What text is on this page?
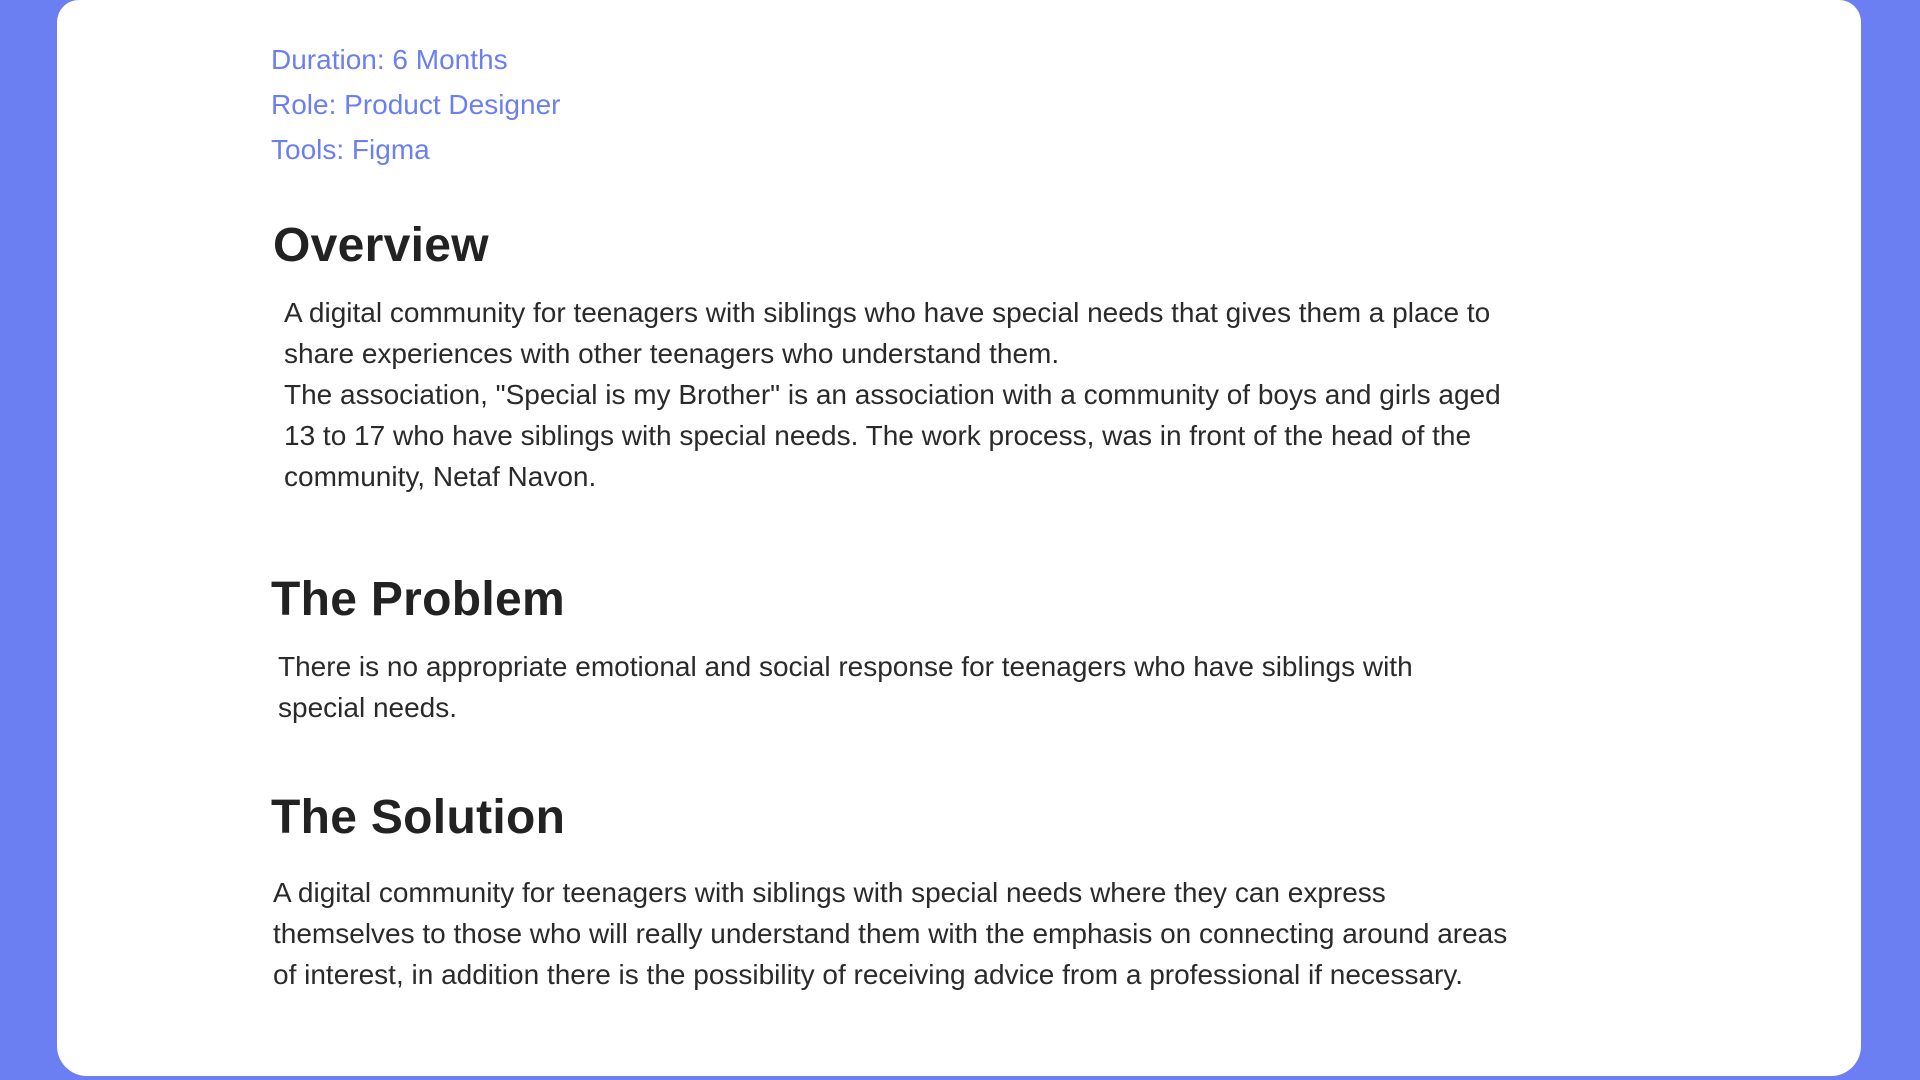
Duration: 6 Months
Role: Product Designer
Tools: Figma
Overview

A digital community for teenagers with siblings who have special needs that gives them a place to share experiences with other teenagers who understand them.
The association, "Special is my Brother" is an association with a community of boys and girls aged 13 to 17 who have siblings with special needs. The work process, was in front of the head of the community, Netaf Navon.

The Problem

There is no appropriate emotional and social response for teenagers who have siblings with special needs.

The Solution

A digital community for teenagers with siblings with special needs where they can express themselves to those who will really understand them with the emphasis on connecting around areas of interest, in addition there is the possibility of receiving advice from a professional if necessary.
